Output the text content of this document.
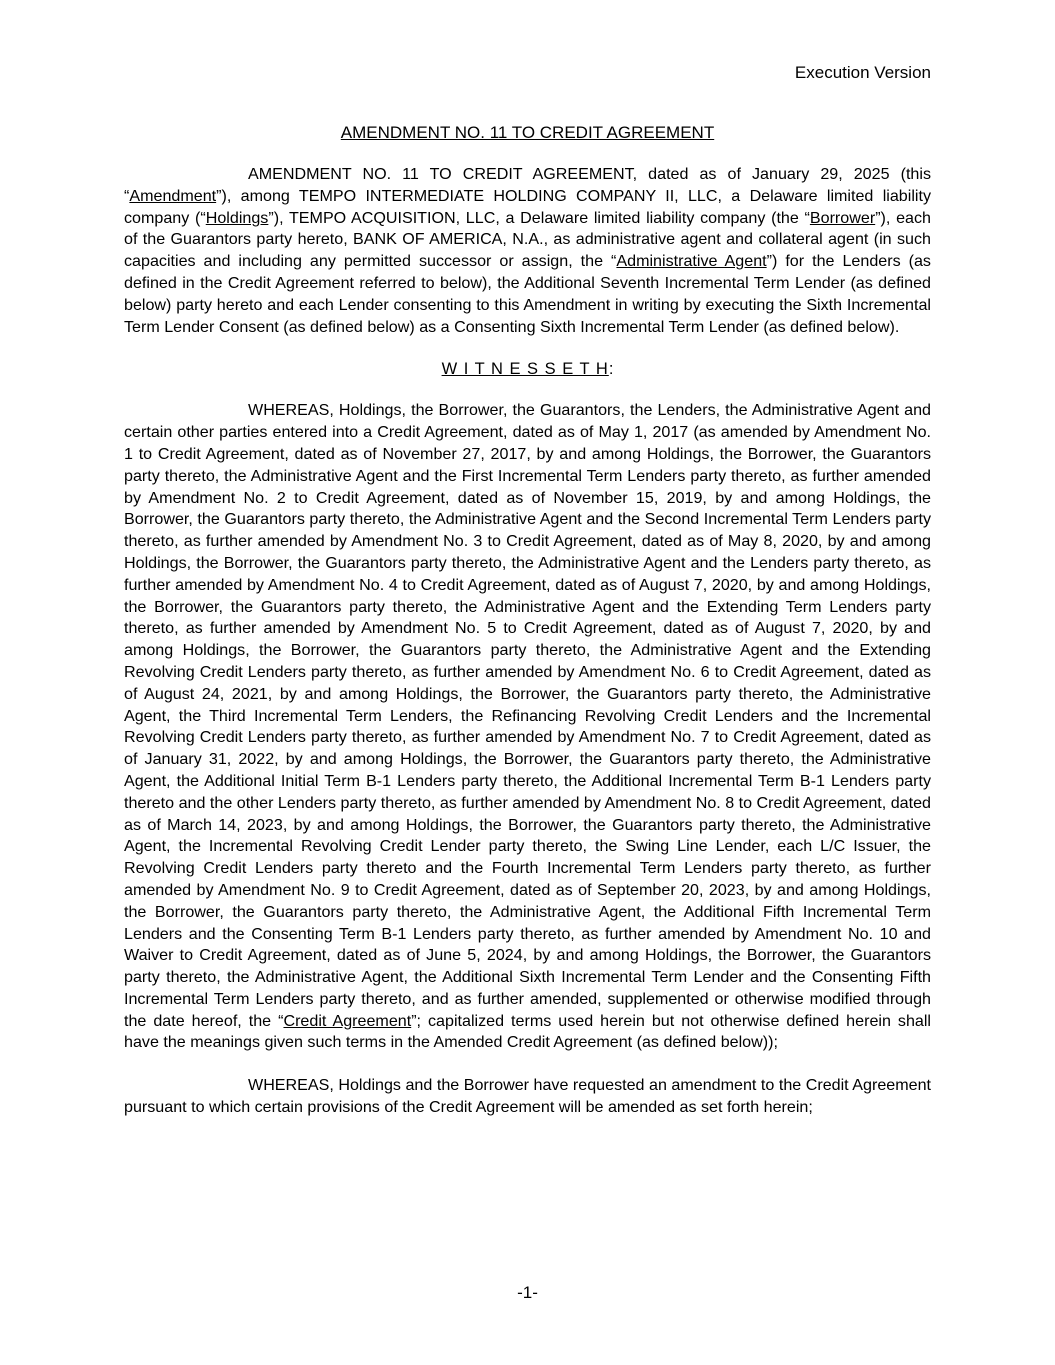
Execution Version

AMENDMENT NO. 11 TO CREDIT AGREEMENT

AMENDMENT NO. 11 TO CREDIT AGREEMENT, dated as of January 29, 2025 (this “Amendment”), among TEMPO INTERMEDIATE HOLDING COMPANY II, LLC, a Delaware limited liability company (“Holdings”), TEMPO ACQUISITION, LLC, a Delaware limited liability company (the “Borrower”), each of the Guarantors party hereto, BANK OF AMERICA, N.A., as administrative agent and collateral agent (in such capacities and including any permitted successor or assign, the “Administrative Agent”) for the Lenders (as defined in the Credit Agreement referred to below), the Additional Seventh Incremental Term Lender (as defined below) party hereto and each Lender consenting to this Amendment in writing by executing the Sixth Incremental Term Lender Consent (as defined below) as a Consenting Sixth Incremental Term Lender (as defined below).

W I T N E S S E T H:

WHEREAS, Holdings, the Borrower, the Guarantors, the Lenders, the Administrative Agent and certain other parties entered into a Credit Agreement, dated as of May 1, 2017 (as amended by Amendment No. 1 to Credit Agreement, dated as of November 27, 2017, by and among Holdings, the Borrower, the Guarantors party thereto, the Administrative Agent and the First Incremental Term Lenders party thereto, as further amended by Amendment No. 2 to Credit Agreement, dated as of November 15, 2019, by and among Holdings, the Borrower, the Guarantors party thereto, the Administrative Agent and the Second Incremental Term Lenders party thereto, as further amended by Amendment No. 3 to Credit Agreement, dated as of May 8, 2020, by and among Holdings, the Borrower, the Guarantors party thereto, the Administrative Agent and the Lenders party thereto, as further amended by Amendment No. 4 to Credit Agreement, dated as of August 7, 2020, by and among Holdings, the Borrower, the Guarantors party thereto, the Administrative Agent and the Extending Term Lenders party thereto, as further amended by Amendment No. 5 to Credit Agreement, dated as of August 7, 2020, by and among Holdings, the Borrower, the Guarantors party thereto, the Administrative Agent and the Extending Revolving Credit Lenders party thereto, as further amended by Amendment No. 6 to Credit Agreement, dated as of August 24, 2021, by and among Holdings, the Borrower, the Guarantors party thereto, the Administrative Agent, the Third Incremental Term Lenders, the Refinancing Revolving Credit Lenders and the Incremental Revolving Credit Lenders party thereto, as further amended by Amendment No. 7 to Credit Agreement, dated as of January 31, 2022, by and among Holdings, the Borrower, the Guarantors party thereto, the Administrative Agent, the Additional Initial Term B-1 Lenders party thereto, the Additional Incremental Term B-1 Lenders party thereto and the other Lenders party thereto, as further amended by Amendment No. 8 to Credit Agreement, dated as of March 14, 2023, by and among Holdings, the Borrower, the Guarantors party thereto, the Administrative Agent, the Incremental Revolving Credit Lender party thereto, the Swing Line Lender, each L/C Issuer, the Revolving Credit Lenders party thereto and the Fourth Incremental Term Lenders party thereto, as further amended by Amendment No. 9 to Credit Agreement, dated as of September 20, 2023, by and among Holdings, the Borrower, the Guarantors party thereto, the Administrative Agent, the Additional Fifth Incremental Term Lenders and the Consenting Term B-1 Lenders party thereto, as further amended by Amendment No. 10 and Waiver to Credit Agreement, dated as of June 5, 2024, by and among Holdings, the Borrower, the Guarantors party thereto, the Administrative Agent, the Additional Sixth Incremental Term Lender and the Consenting Fifth Incremental Term Lenders party thereto, and as further amended, supplemented or otherwise modified through the date hereof, the “Credit Agreement”; capitalized terms used herein but not otherwise defined herein shall have the meanings given such terms in the Amended Credit Agreement (as defined below));

WHEREAS, Holdings and the Borrower have requested an amendment to the Credit Agreement pursuant to which certain provisions of the Credit Agreement will be amended as set forth herein;

-1-
